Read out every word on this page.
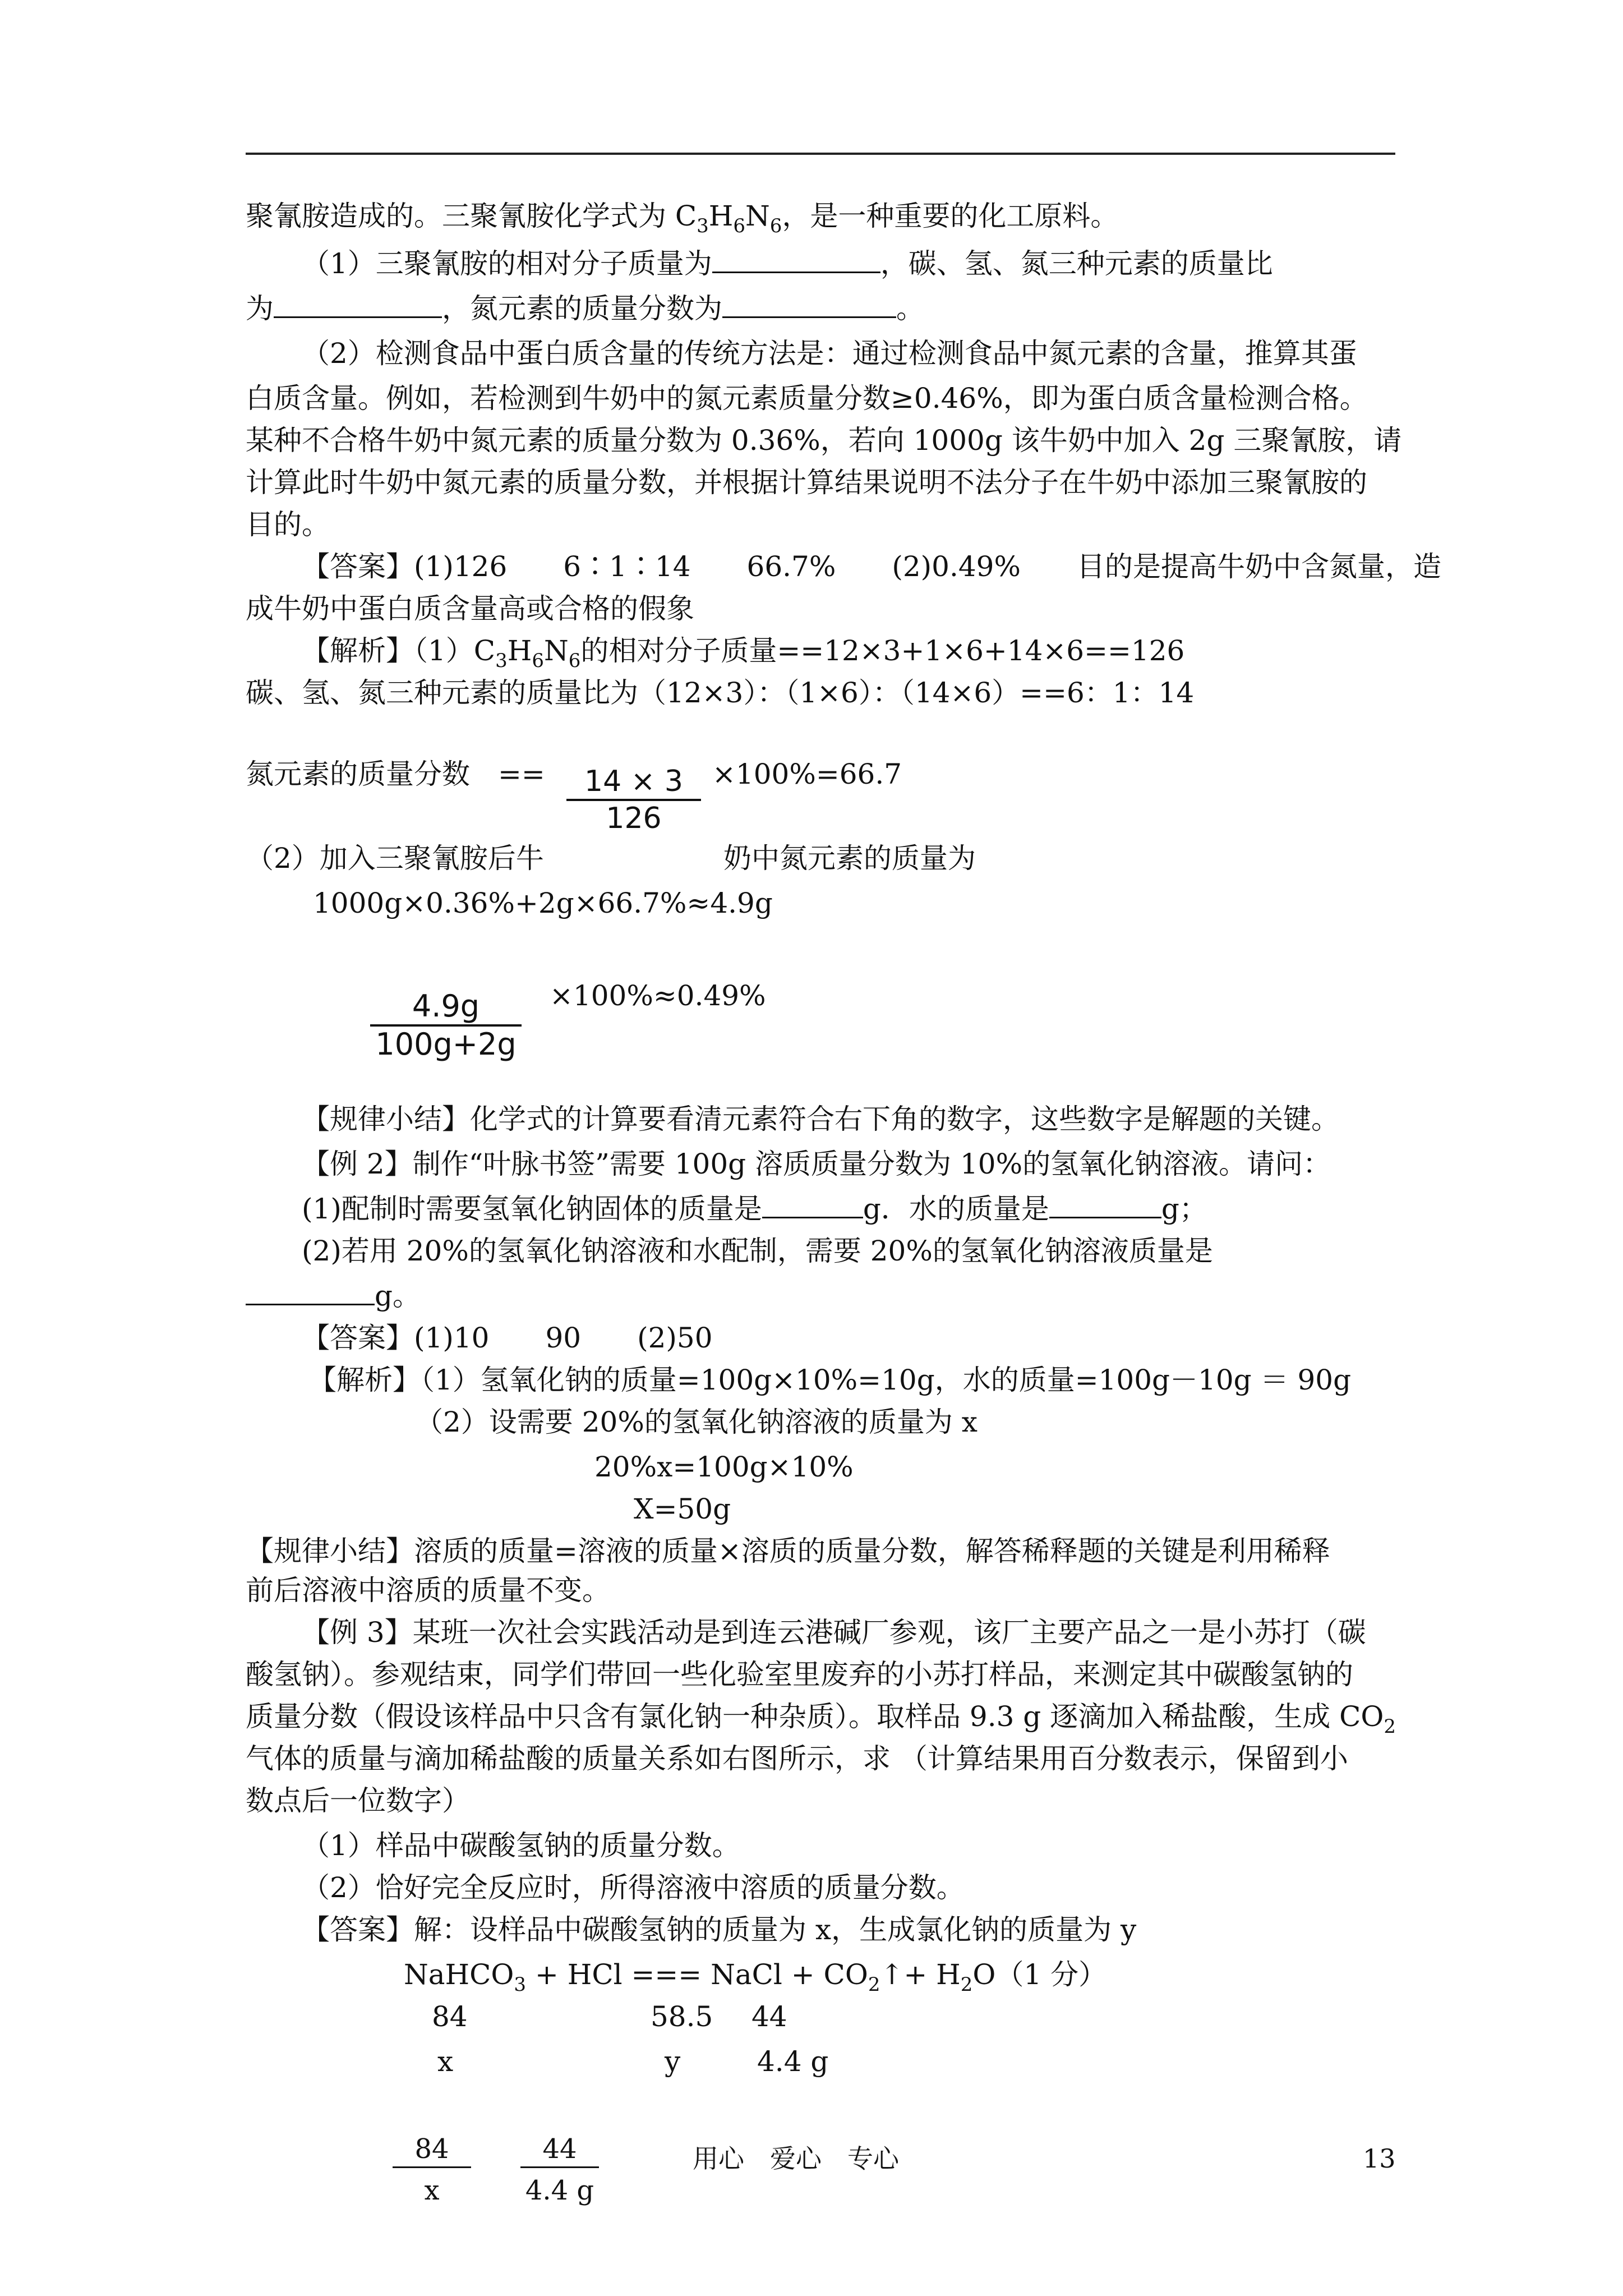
聚氰胺造成的。三聚氰胺化学式为 $C_3H_6N_6$，是一种重要的化工原料。
（1）三聚氰胺的相对分子质量为	，碳、氢、氮三种元素的质量比
为	，氮元素的质量分数为	。
（2）检测食品中蛋白质含量的传统方法是：通过检测食品中氮元素的含量，推算其蛋
白质含量。例如，若检测到牛奶中的氮元素质量分数≥0.46%，即为蛋白质含量检测合格。
某种不合格牛奶中氮元素的质量分数为 0.36%，若向 1000g 该牛奶中加入 2g 三聚氰胺，请
计算此时牛奶中氮元素的质量分数，并根据计算结果说明不法分子在牛奶中添加三聚氰胺的
目的。
【答案】(1)126　　6∶1∶14　　66.7%　　(2)0.49%　　目的是提高牛奶中含氮量，造
成牛奶中蛋白质含量高或合格的假象
【解析】$(1)C_3H_6N_6$的相对分子质量==12×3+1×6+14×6==126
碳、氢、氮三种元素的质量比为（12×3）：（1×6）：（14×6）==6：1：14
氮元素的质量分数　==	14 × 3
126
×100%=66.7
（2）加入三聚氰胺后牛	奶中氮元素的质量为
1000g×0.36%+2g×66.7%≈4.9g
4.9g
100g+2g
×100%≈0.49%
【规律小结】化学式的计算要看清元素符合右下角的数字，这些数字是解题的关键。
【例 2】制作“叶脉书签”需要 100g 溶质质量分数为 10%的氢氧化钠溶液。请问：
(1)配制时需要氢氧化钠固体的质量是	g．水的质量是	g；
(2)若用 20%的氢氧化钠溶液和水配制，需要 20%的氢氧化钠溶液质量是
g。
【答案】(1)10　　90　　(2)50
【解析】（1）氢氧化钠的质量=100g×10%=10g，水的质量=100g－10g ＝ 90g
（2）设需要 20%的氢氧化钠溶液的质量为 x
20%x=100g×10%
X=50g
【规律小结】溶质的质量=溶液的质量×溶质的质量分数，解答稀释题的关键是利用稀释
前后溶液中溶质的质量不变。
【例 3】某班一次社会实践活动是到连云港碱厂参观，该厂主要产品之一是小苏打（碳
酸氢钠）。参观结束，同学们带回一些化验室里废弃的小苏打样品，来测定其中碳酸氢钠的
质量分数（假设该样品中只含有氯化钠一种杂质）。取样品 9.3 g 逐滴加入稀盐酸，生成 $CO_2$
气体的质量与滴加稀盐酸的质量关系如右图所示，求 （计算结果用百分数表示，保留到小
数点后一位数字）
（1）样品中碳酸氢钠的质量分数。
（2）恰好完全反应时，所得溶液中溶质的质量分数。
【答案】解：设样品中碳酸氢钠的质量为 x，生成氯化钠的质量为 y
NaHCO$_3$ + HCl === NaCl + $CO_2↑+ H_2O(1$ 分）
84	58.5 44
x	y	4.4 g
84
x
44
4.4 g
用心　爱心　专心	13
